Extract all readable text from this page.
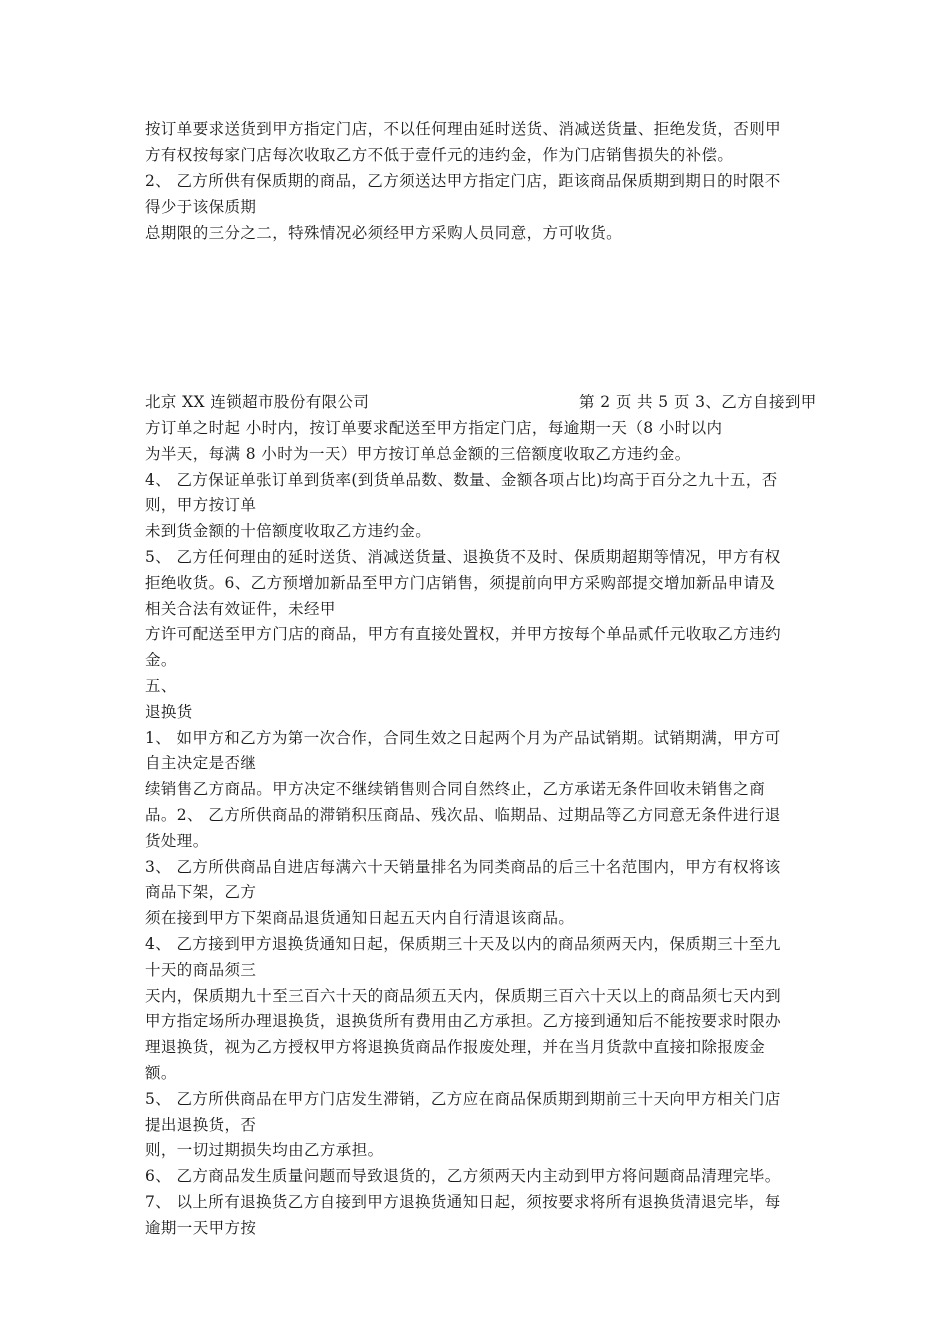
按订单要求送货到甲方指定门店，不以任何理由延时送货、消减送货量、拒绝发货，否则甲
方有权按每家门店每次收取乙方不低于壹仟元的违约金，作为门店销售损失的补偿。
2、 乙方所供有保质期的商品，乙方须送达甲方指定门店，距该商品保质期到期日的时限不
得少于该保质期
总期限的三分之二，特殊情况必须经甲方采购人员同意，方可收货。
北京 XX 连锁超市股份有限公司	第 2 页 共 5 页 3、乙方自接到甲
方订单之时起 小时内，按订单要求配送至甲方指定门店，每逾期一天（8 小时以内
为半天，每满 8 小时为一天）甲方按订单总金额的三倍额度收取乙方违约金。
4、 乙方保证单张订单到货率(到货单品数、数量、金额各项占比)均高于百分之九十五，否
则，甲方按订单
未到货金额的十倍额度收取乙方违约金。
5、 乙方任何理由的延时送货、消减送货量、退换货不及时、保质期超期等情况，甲方有权
拒绝收货。6、乙方预增加新品至甲方门店销售，须提前向甲方采购部提交增加新品申请及
相关合法有效证件，未经甲
方许可配送至甲方门店的商品，甲方有直接处置权，并甲方按每个单品贰仟元收取乙方违约
金。
五、
退换货
1、 如甲方和乙方为第一次合作，合同生效之日起两个月为产品试销期。试销期满，甲方可
自主决定是否继
续销售乙方商品。甲方决定不继续销售则合同自然终止，乙方承诺无条件回收未销售之商
品。2、 乙方所供商品的滞销积压商品、残次品、临期品、过期品等乙方同意无条件进行退
货处理。
3、 乙方所供商品自进店每满六十天销量排名为同类商品的后三十名范围内，甲方有权将该
商品下架，乙方
须在接到甲方下架商品退货通知日起五天内自行清退该商品。
4、 乙方接到甲方退换货通知日起，保质期三十天及以内的商品须两天内，保质期三十至九
十天的商品须三
天内，保质期九十至三百六十天的商品须五天内，保质期三百六十天以上的商品须七天内到
甲方指定场所办理退换货，退换货所有费用由乙方承担。乙方接到通知后不能按要求时限办
理退换货，视为乙方授权甲方将退换货商品作报废处理，并在当月货款中直接扣除报废金
额。
5、 乙方所供商品在甲方门店发生滞销，乙方应在商品保质期到期前三十天向甲方相关门店
提出退换货，否
则，一切过期损失均由乙方承担。
6、 乙方商品发生质量问题而导致退货的，乙方须两天内主动到甲方将问题商品清理完毕。
7、 以上所有退换货乙方自接到甲方退换货通知日起，须按要求将所有退换货清退完毕，每
逾期一天甲方按
